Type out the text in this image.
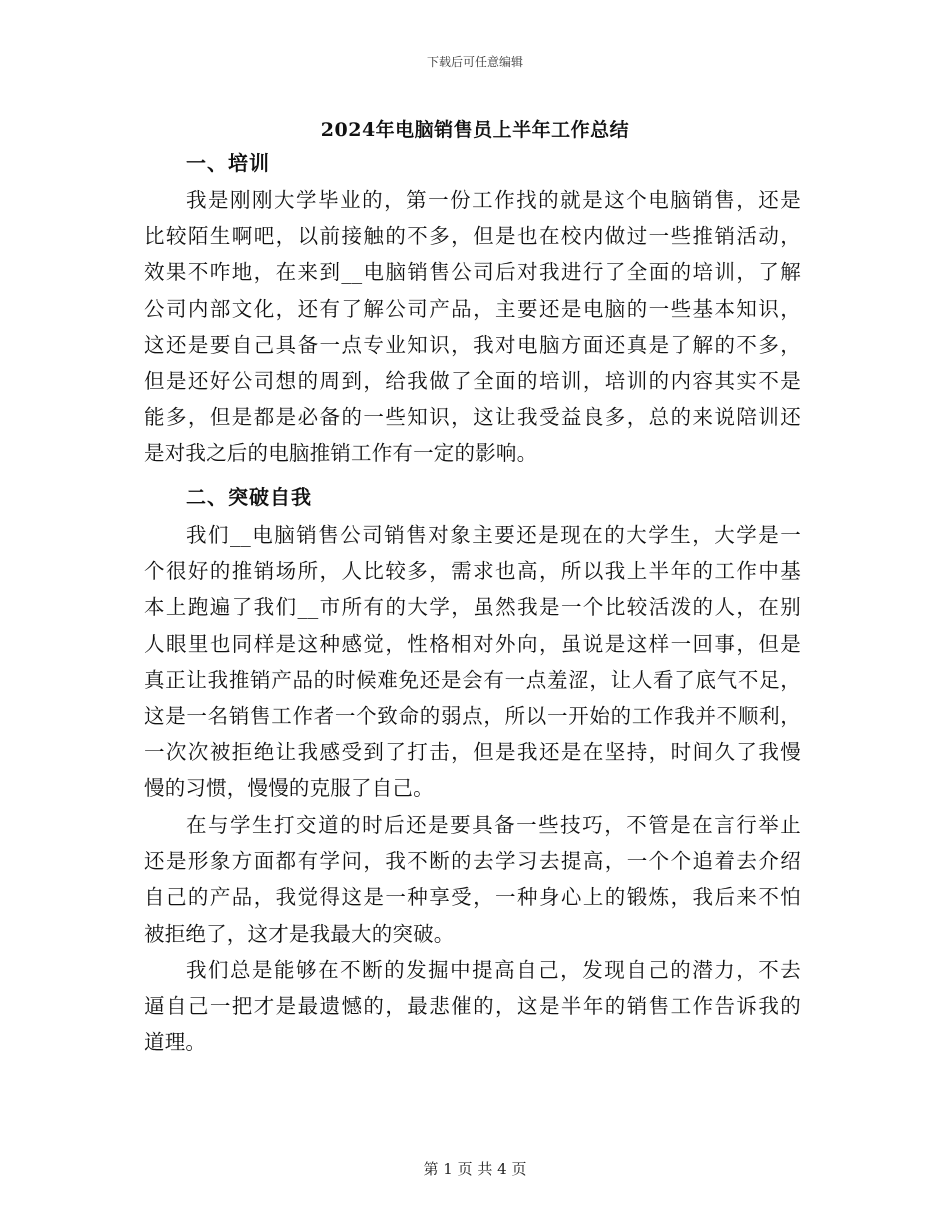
下载后可任意编辑
2024年电脑销售员上半年工作总结
一、培训
我是刚刚大学毕业的，第一份工作找的就是这个电脑销售，还是
比较陌生啊吧，以前接触的不多，但是也在校内做过一些推销活动，
效果不咋地，在来到__电脑销售公司后对我进行了全面的培训，了解
公司内部文化，还有了解公司产品，主要还是电脑的一些基本知识，
这还是要自己具备一点专业知识，我对电脑方面还真是了解的不多，
但是还好公司想的周到，给我做了全面的培训，培训的内容其实不是
能多，但是都是必备的一些知识，这让我受益良多，总的来说陪训还
是对我之后的电脑推销工作有一定的影响。
二、突破自我
我们__电脑销售公司销售对象主要还是现在的大学生，大学是一
个很好的推销场所，人比较多，需求也高，所以我上半年的工作中基
本上跑遍了我们__市所有的大学，虽然我是一个比较活泼的人，在别
人眼里也同样是这种感觉，性格相对外向，虽说是这样一回事，但是
真正让我推销产品的时候难免还是会有一点羞涩，让人看了底气不足，
这是一名销售工作者一个致命的弱点，所以一开始的工作我并不顺利，
一次次被拒绝让我感受到了打击，但是我还是在坚持，时间久了我慢
慢的习惯，慢慢的克服了自己。
在与学生打交道的时后还是要具备一些技巧，不管是在言行举止
还是形象方面都有学问，我不断的去学习去提高，一个个追着去介绍
自己的产品，我觉得这是一种享受，一种身心上的锻炼，我后来不怕
被拒绝了，这才是我最大的突破。
我们总是能够在不断的发掘中提高自己，发现自己的潜力，不去
逼自己一把才是最遗憾的，最悲催的，这是半年的销售工作告诉我的
道理。
第 1 页 共 4 页
